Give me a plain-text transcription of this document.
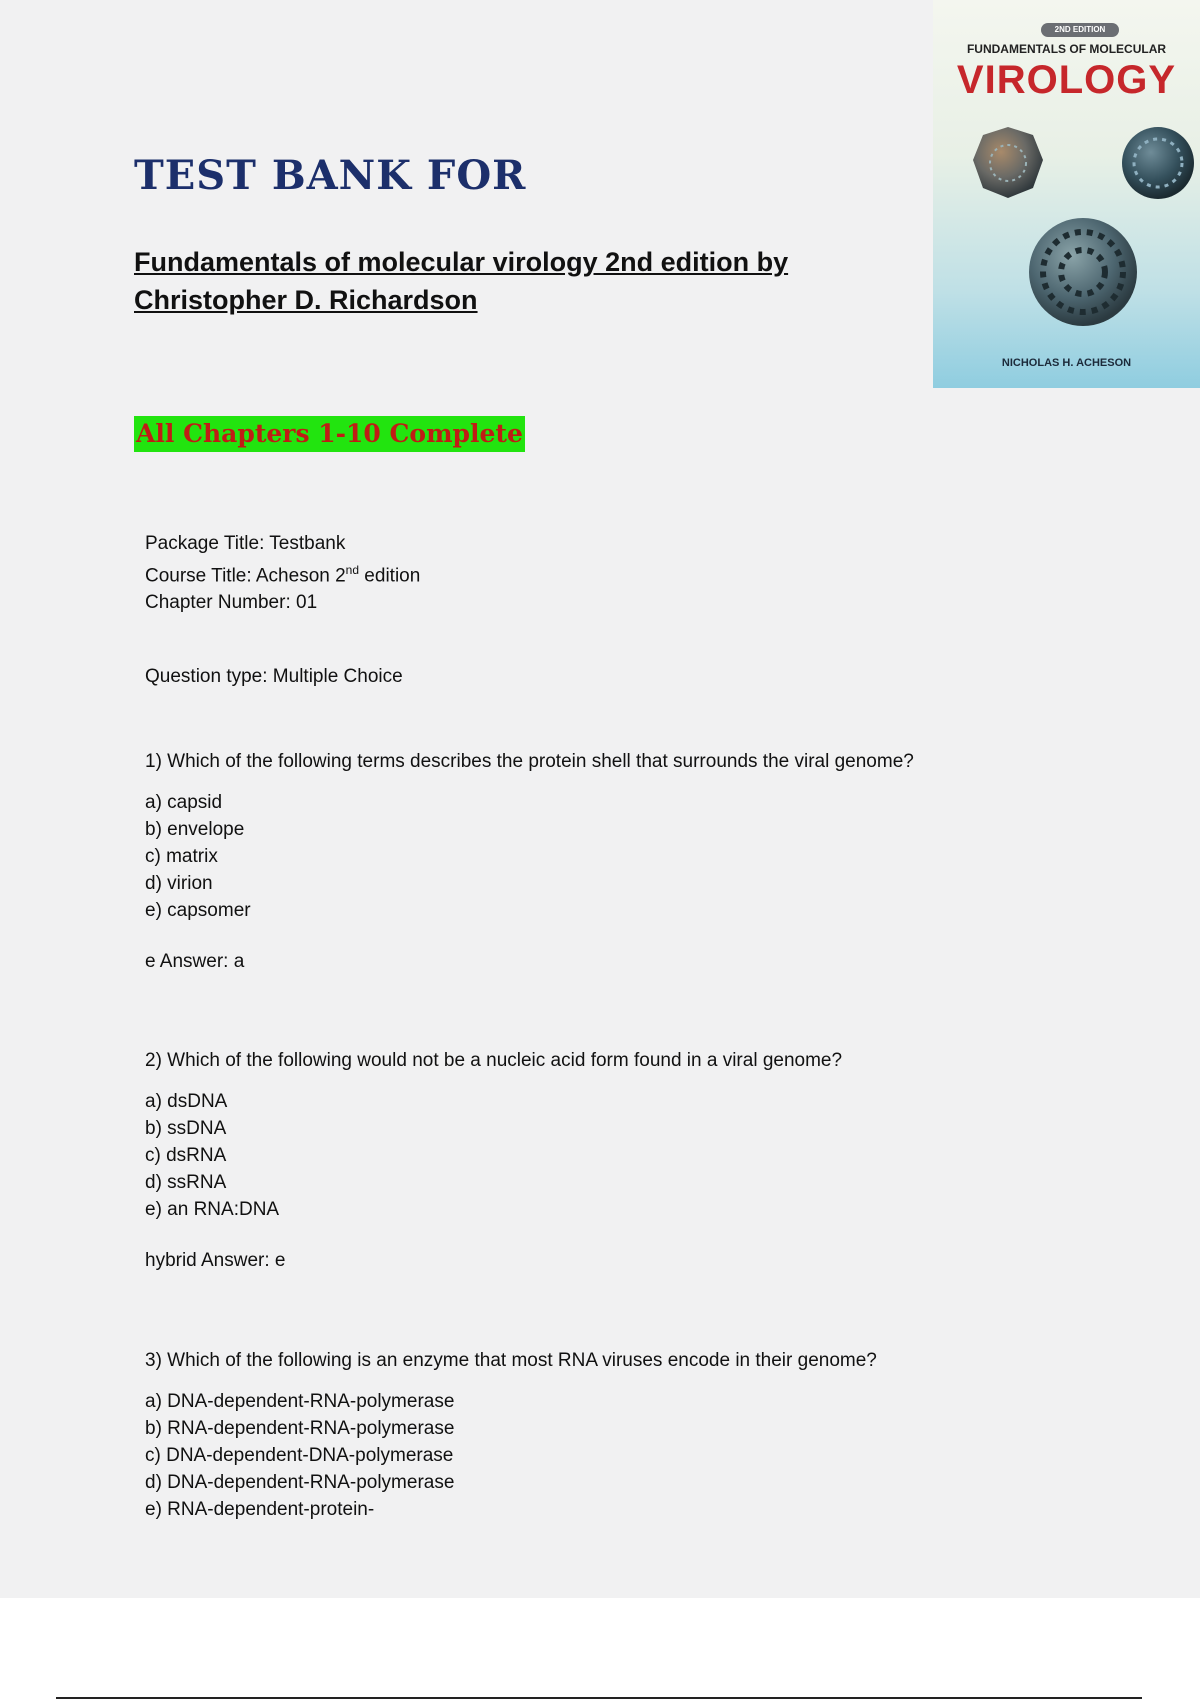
TEST BANK FOR
Fundamentals of molecular virology 2nd edition by
Christopher D. Richardson
All Chapters 1-10 Complete
Package Title: Testbank
Course Title: Acheson 2nd edition
Chapter Number: 01
Question type: Multiple Choice
1) Which of the following terms describes the protein shell that surrounds the viral genome?
a) capsid
b) envelope
c) matrix
d) virion
e) capsomer
e Answer: a
2) Which of the following would not be a nucleic acid form found in a viral genome?
a) dsDNA
b) ssDNA
c) dsRNA
d) ssRNA
e) an RNA:DNA
hybrid Answer: e
3) Which of the following is an enzyme that most RNA viruses encode in their genome?
a) DNA-dependent-RNA-polymerase
b) RNA-dependent-RNA-polymerase
c) DNA-dependent-DNA-polymerase
d) DNA-dependent-RNA-polymerase
e) RNA-dependent-protein-
2ND EDITION
FUNDAMENTALS OF MOLECULAR
VIROLOGY
NICHOLAS H. ACHESON
